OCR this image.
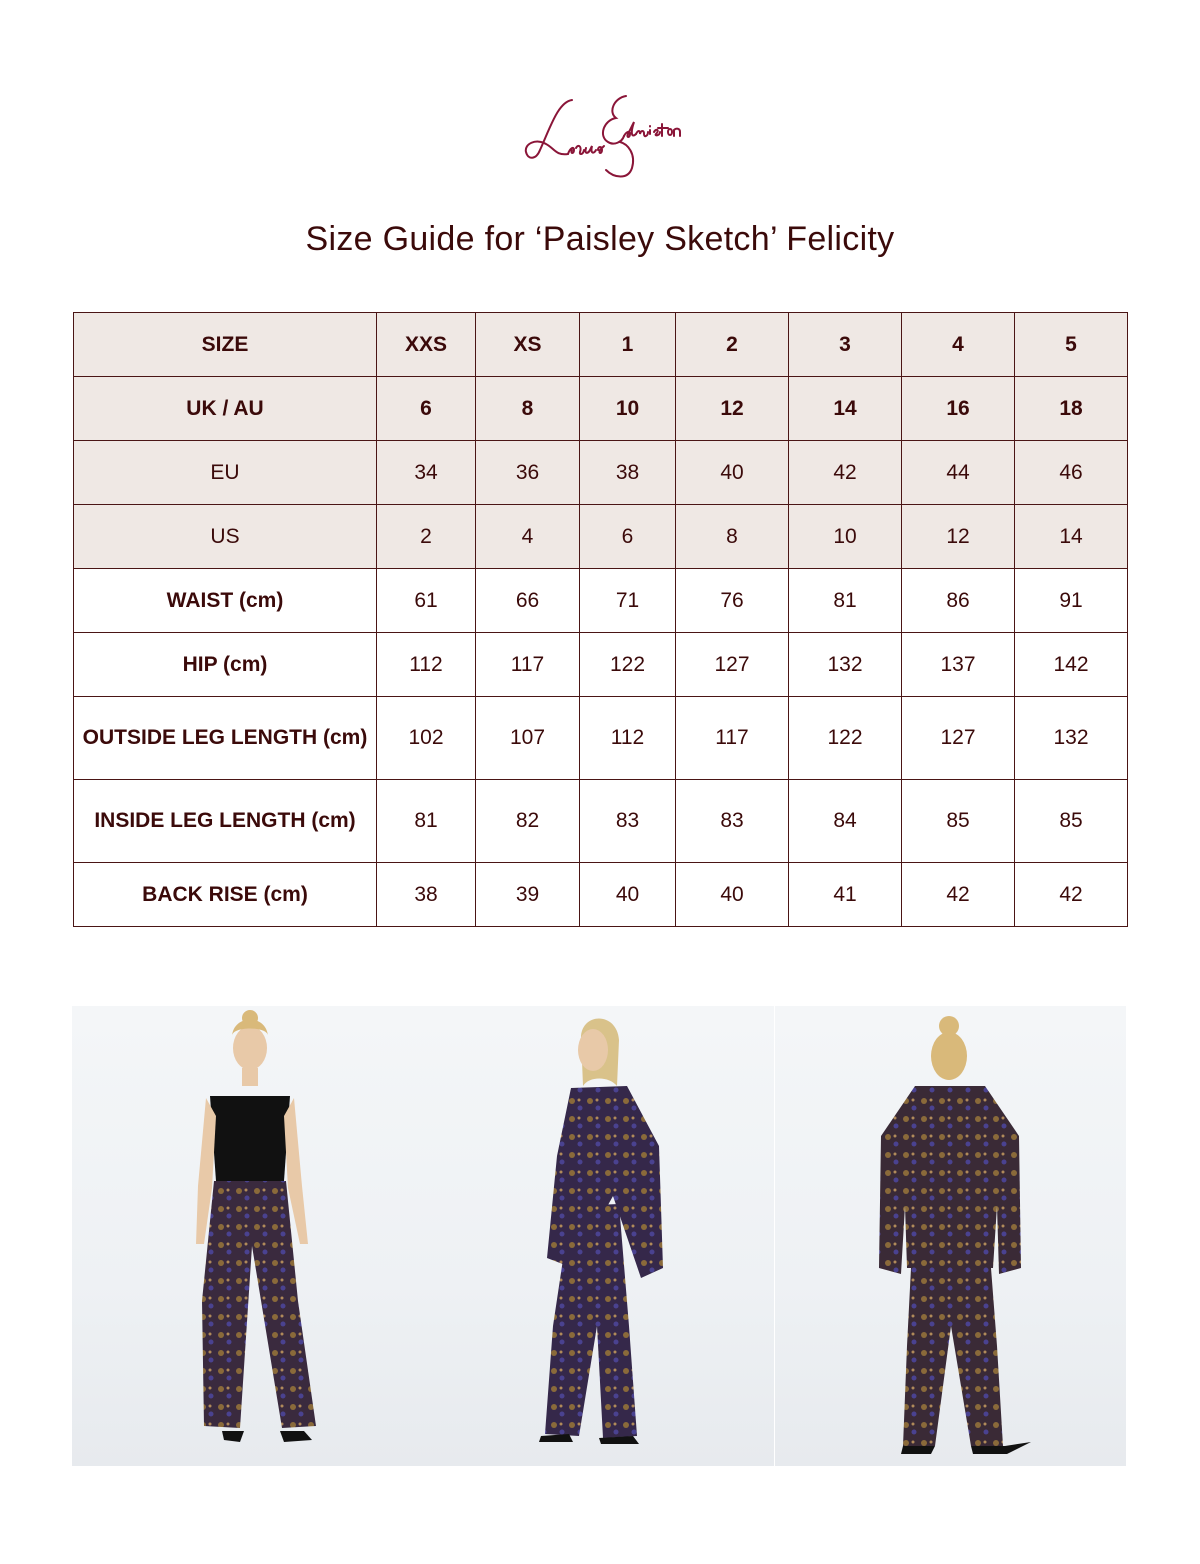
Size Guide for ‘Paisley Sketch’ Felicity
SIZE	XXS	XS	1	2	3	4	5
UK / AU	6	8	10	12	14	16	18
EU	34	36	38	40	42	44	46
US	2	4	6	8	10	12	14
WAIST (cm)	61	66	71	76	81	86	91
HIP (cm)	112	117	122	127	132	137	142
OUTSIDE LEG LENGTH (cm)	102	107	112	117	122	127	132
INSIDE LEG LENGTH (cm)	81	82	83	83	84	85	85
BACK RISE (cm)	38	39	40	40	41	42	42
